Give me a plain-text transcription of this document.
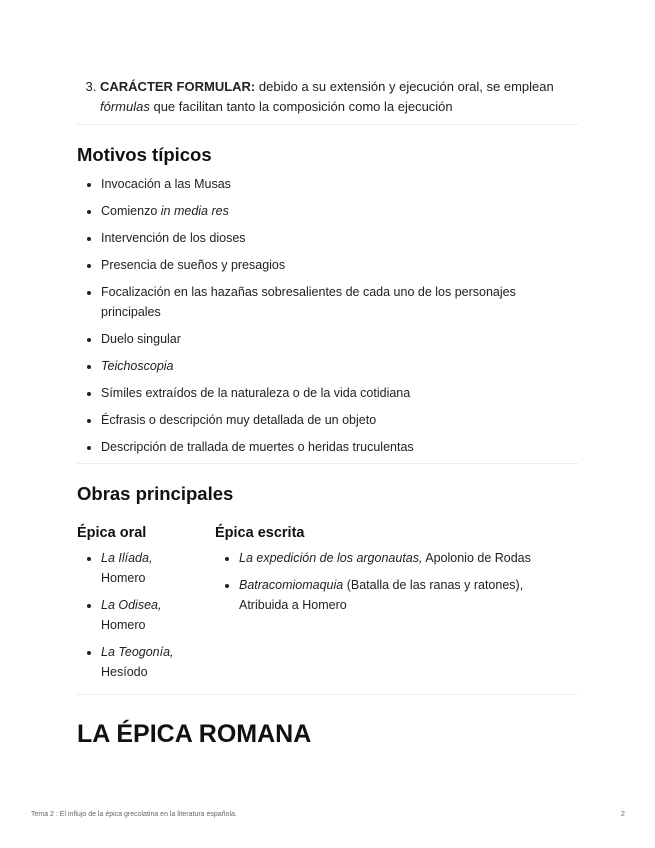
3. CARÁCTER FORMULAR: debido a su extensión y ejecución oral, se emplean fórmulas que facilitan tanto la composición como la ejecución
Motivos típicos
• Invocación a las Musas
• Comienzo in media res
• Intervención de los dioses
• Presencia de sueños y presagios
• Focalización en las hazañas sobresalientes de cada uno de los personajes principales
• Duelo singular
• Teichoscopia
• Símiles extraídos de la naturaleza o de la vida cotidiana
• Écfrasis o descripción muy detallada de un objeto
• Descripción de trallada de muertes o heridas truculentas
Obras principales
Épica oral
• La Ilíada,
Homero
• La Odisea,
Homero
• La Teogonía,
Hesíodo
Épica escrita
• La expedición de los argonautas, Apolonio de Rodas
• Batracomiomaquia (Batalla de las ranas y ratones), Atribuida a Homero
LA ÉPICA ROMANA
Tema 2 : El influjo de la épica grecolatina en la literatura española.	2
